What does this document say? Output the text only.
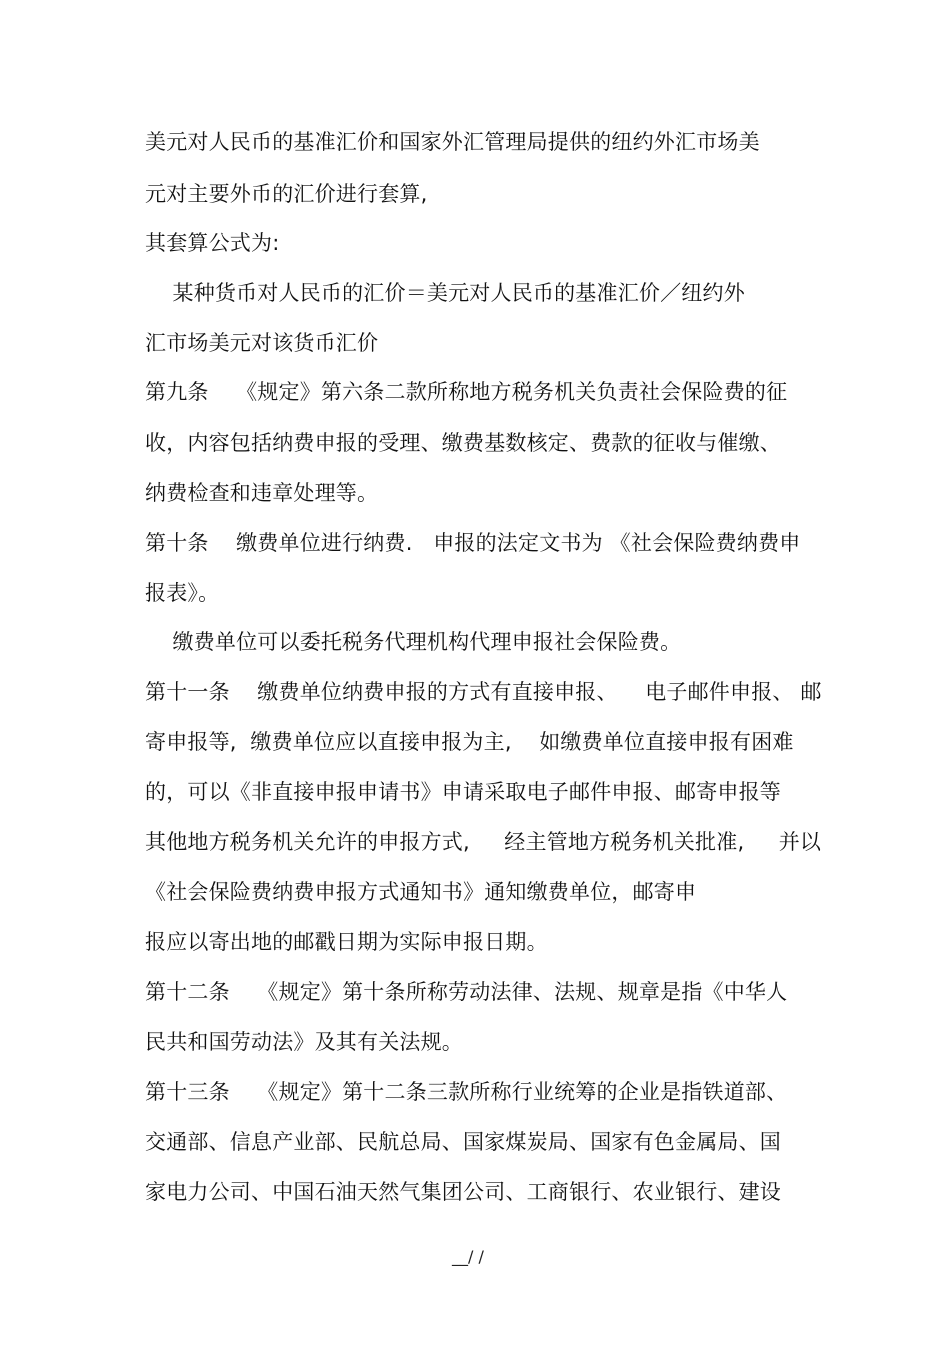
美元对人民币的基准汇价和国家外汇管理局提供的纽约外汇市场美
元对主要外币的汇价进行套算,
其套算公式为:
某种货币对人民币的汇价＝美元对人民币的基准汇价／纽约外
汇市场美元对该货币汇价
第九条    《规定》第六条二款所称地方税务机关负责社会保险费的征
收，内容包括纳费申报的受理、缴费基数核定、费款的征收与催缴、
纳费检查和违章处理等。
第十条    缴费单位进行纳费.   申报的法定文书为 《社会保险费纳费申
报表》。
缴费单位可以委托税务代理机构代理申报社会保险费。
第十一条    缴费单位纳费申报的方式有直接申报、    电子邮件申报、 邮
寄申报等,  缴费单位应以直接申报为主,    如缴费单位直接申报有困难
的，可以《非直接申报申请书》申请采取电子邮件申报、邮寄申报等
其他地方税务机关允许的申报方式,     经主管地方税务机关批准,     并以
《社会保险费纳费申报方式通知书》通知缴费单位，邮寄申
报应以寄出地的邮戳日期为实际申报日期。
第十二条    《规定》第十条所称劳动法律、法规、规章是指《中华人
民共和国劳动法》及其有关法规。
第十三条    《规定》第十二条三款所称行业统筹的企业是指铁道部、
交通部、信息产业部、民航总局、国家煤炭局、国家有色金属局、国
家电力公司、中国石油天然气集团公司、工商银行、农业银行、建设
__/ /
